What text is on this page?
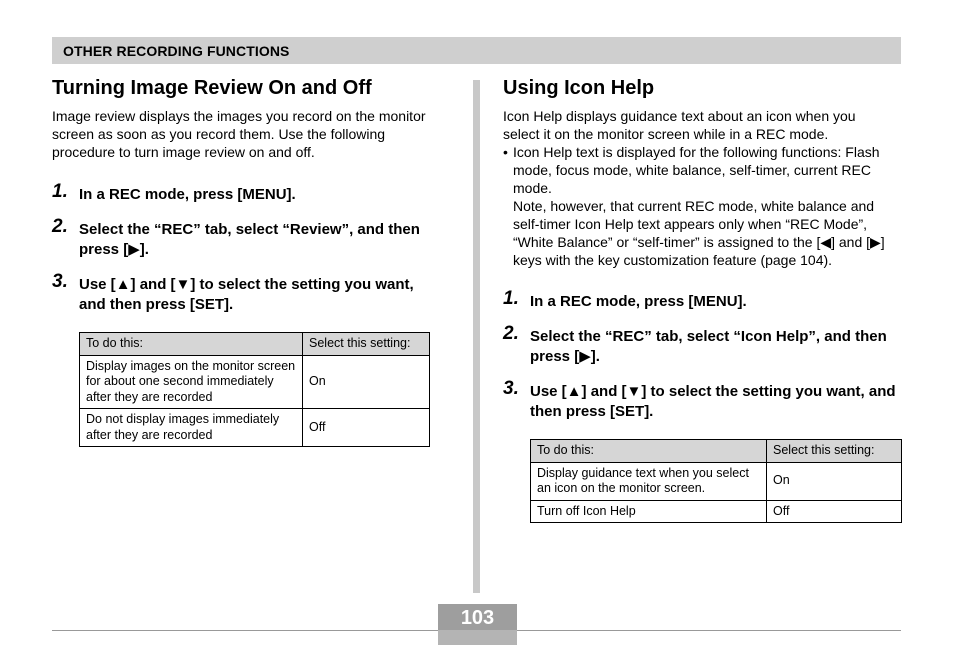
OTHER RECORDING FUNCTIONS
Turning Image Review On and Off

Image review displays the images you record on the monitor screen as soon as you record them. Use the following procedure to turn image review on and off.

1. In a REC mode, press [MENU].
2. Select the “REC” tab, select “Review”, and then press [▶].
3. Use [▲] and [▼] to select the setting you want, and then press [SET].
To do this:	Select this setting:
Display images on the monitor screen for about one second immediately after they are recorded	On
Do not display images immediately after they are recorded	Off
Using Icon Help

Icon Help displays guidance text about an icon when you select it on the monitor screen while in a REC mode.

• Icon Help text is displayed for the following functions: Flash mode, focus mode, white balance, self-timer, current REC mode.
Note, however, that current REC mode, white balance and self-timer Icon Help text appears only when “REC Mode”, “White Balance” or “self-timer” is assigned to the [◀] and [▶] keys with the key customization feature (page 104).
1. In a REC mode, press [MENU].
2. Select the “REC” tab, select “Icon Help”, and then press [▶].
3. Use [▲] and [▼] to select the setting you want, and then press [SET].
To do this:	Select this setting:
Display guidance text when you select an icon on the monitor screen.	On
Turn off Icon Help	Off
103
